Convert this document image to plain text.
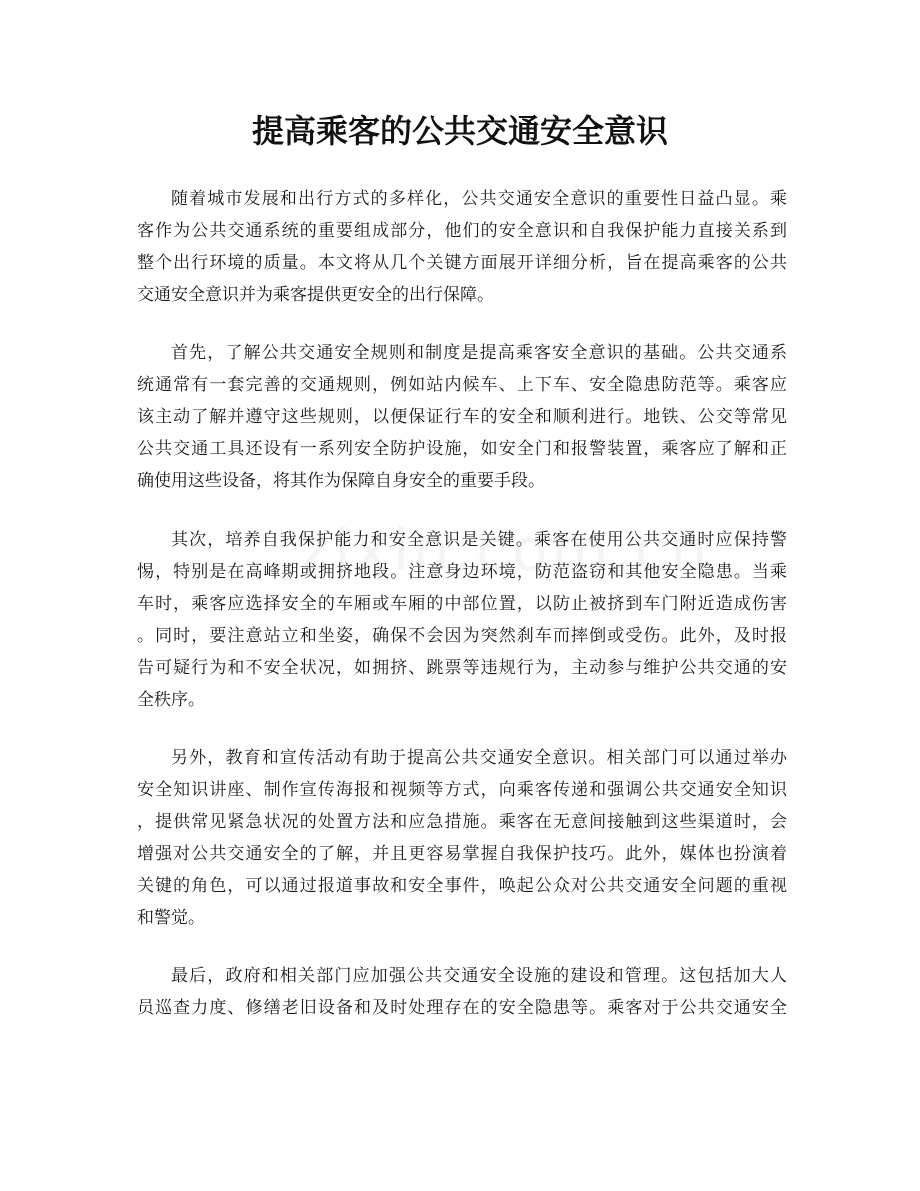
提高乘客的公共交通安全意识
随着城市发展和出行方式的多样化，公共交通安全意识的重要性日益凸显。乘
客作为公共交通系统的重要组成部分，他们的安全意识和自我保护能力直接关系到
整个出行环境的质量。本文将从几个关键方面展开详细分析，旨在提高乘客的公共
交通安全意识并为乘客提供更安全的出行保障。
首先，了解公共交通安全规则和制度是提高乘客安全意识的基础。公共交通系
统通常有一套完善的交通规则，例如站内候车、上下车、安全隐患防范等。乘客应
该主动了解并遵守这些规则，以便保证行车的安全和顺利进行。地铁、公交等常见
公共交通工具还设有一系列安全防护设施，如安全门和报警装置，乘客应了解和正
确使用这些设备，将其作为保障自身安全的重要手段。
其次，培养自我保护能力和安全意识是关键。乘客在使用公共交通时应保持警
惕，特别是在高峰期或拥挤地段。注意身边环境，防范盗窃和其他安全隐患。当乘
车时，乘客应选择安全的车厢或车厢的中部位置，以防止被挤到车门附近造成伤害
。同时，要注意站立和坐姿，确保不会因为突然刹车而摔倒或受伤。此外，及时报
告可疑行为和不安全状况，如拥挤、跳票等违规行为，主动参与维护公共交通的安
全秩序。
另外，教育和宣传活动有助于提高公共交通安全意识。相关部门可以通过举办
安全知识讲座、制作宣传海报和视频等方式，向乘客传递和强调公共交通安全知识
，提供常见紧急状况的处置方法和应急措施。乘客在无意间接触到这些渠道时，会
增强对公共交通安全的了解，并且更容易掌握自我保护技巧。此外，媒体也扮演着
关键的角色，可以通过报道事故和安全事件，唤起公众对公共交通安全问题的重视
和警觉。
最后，政府和相关部门应加强公共交通安全设施的建设和管理。这包括加大人
员巡查力度、修缮老旧设备和及时处理存在的安全隐患等。乘客对于公共交通安全
